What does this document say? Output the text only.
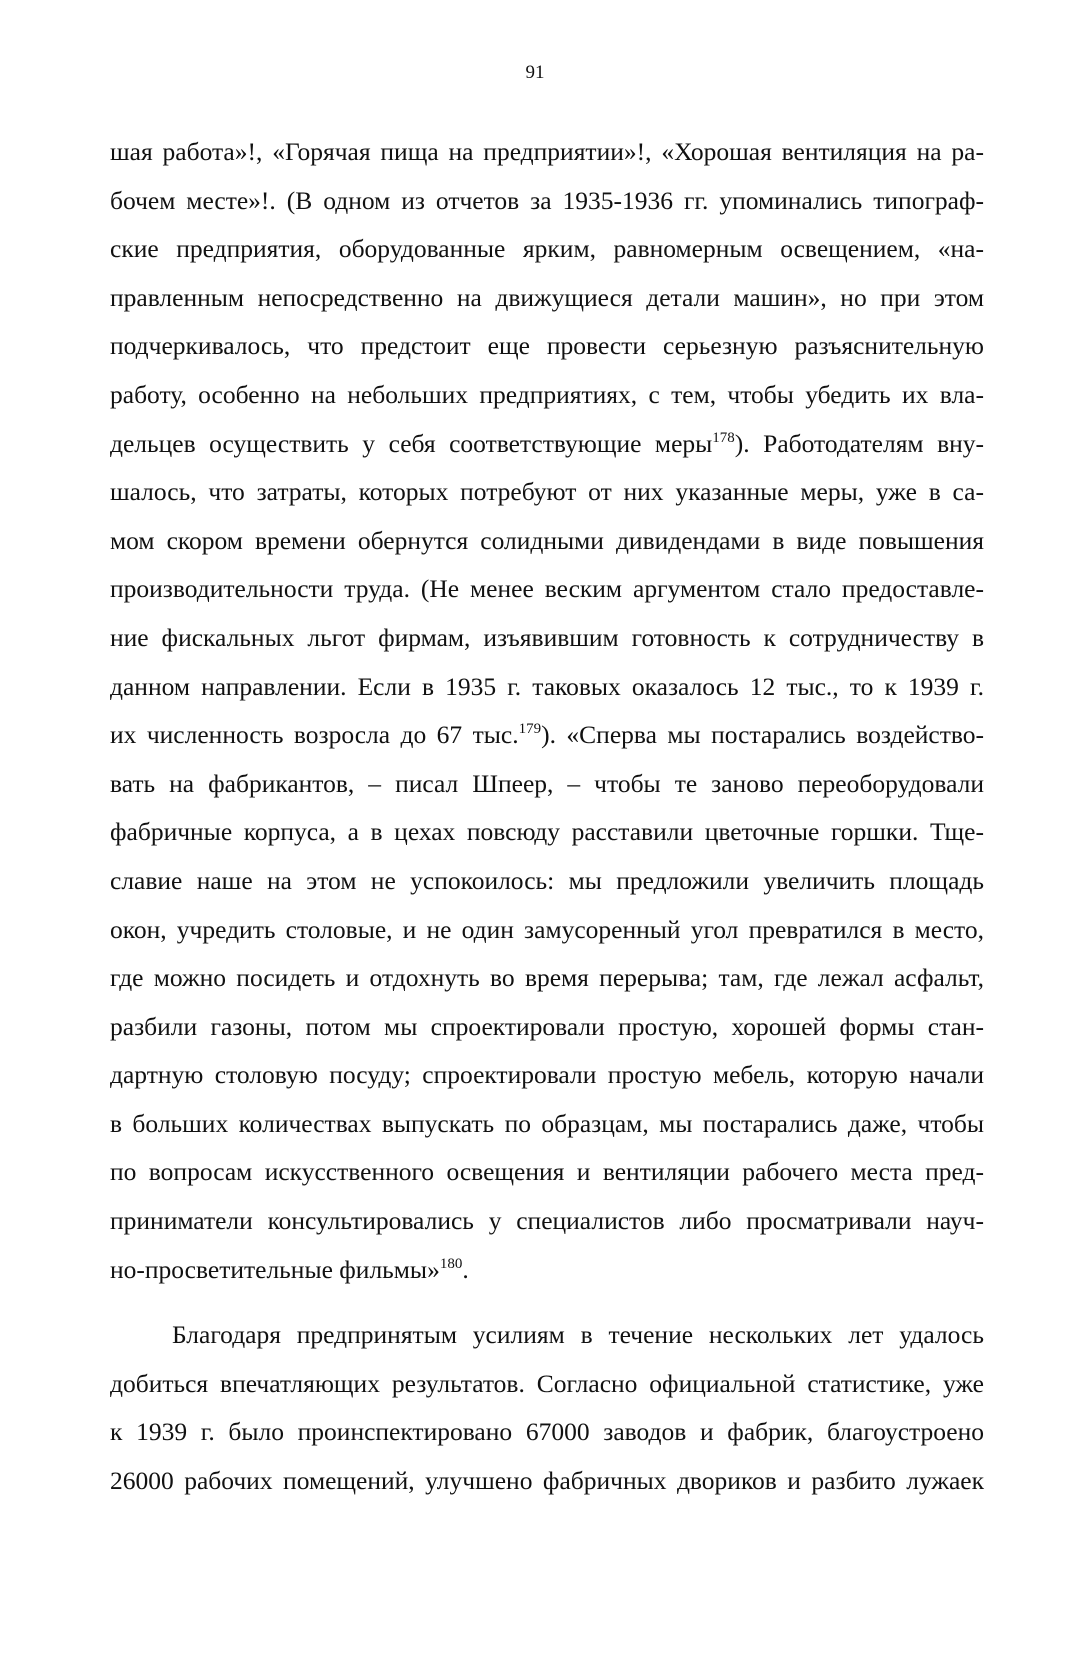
91
шая работа»!, «Горячая пища на предприятии»!, «Хорошая вентиляция на ра-
бочем месте»!. (В одном из отчетов за 1935-1936 гг. упоминались типограф-
ские предприятия, оборудованные ярким, равномерным освещением, «на-
правленным непосредственно на движущиеся детали машин», но при этом
подчеркивалось, что предстоит еще провести серьезную разъяснительную
работу, особенно на небольших предприятиях, с тем, чтобы убедить их вла-
дельцев осуществить у себя соответствующие меры$^{178}$). Работодателям вну-
шалось, что затраты, которых потребуют от них указанные меры, уже в са-
мом скором времени обернутся солидными дивидендами в виде повышения
производительности труда. (Не менее веским аргументом стало предоставле-
ние фискальных льгот фирмам, изъявившим готовность к сотрудничеству в
данном направлении. Если в 1935 г. таковых оказалось 12 тыс., то к 1939 г.
их численность возросла до 67 тыс.$^{179}$). «Сперва мы постарались воздейство-
вать на фабрикантов, – писал Шпеер, – чтобы те заново переоборудовали
фабричные корпуса, а в цехах повсюду расставили цветочные горшки. Тще-
славие наше на этом не успокоилось: мы предложили увеличить площадь
окон, учредить столовые, и не один замусоренный угол превратился в место,
где можно посидеть и отдохнуть во время перерыва; там, где лежал асфальт,
разбили газоны, потом мы спроектировали простую, хорошей формы стан-
дартную столовую посуду; спроектировали простую мебель, которую начали
в больших количествах выпускать по образцам, мы постарались даже, чтобы
по вопросам искусственного освещения и вентиляции рабочего места пред-
приниматели консультировались у специалистов либо просматривали науч-
но-просветительные фильмы»$^{180}$.
Благодаря предпринятым усилиям в течение нескольких лет удалось
добиться впечатляющих результатов. Согласно официальной статистике, уже
к 1939 г. было проинспектировано 67000 заводов и фабрик, благоустроено
26000 рабочих помещений, улучшено фабричных двориков и разбито лужаек
